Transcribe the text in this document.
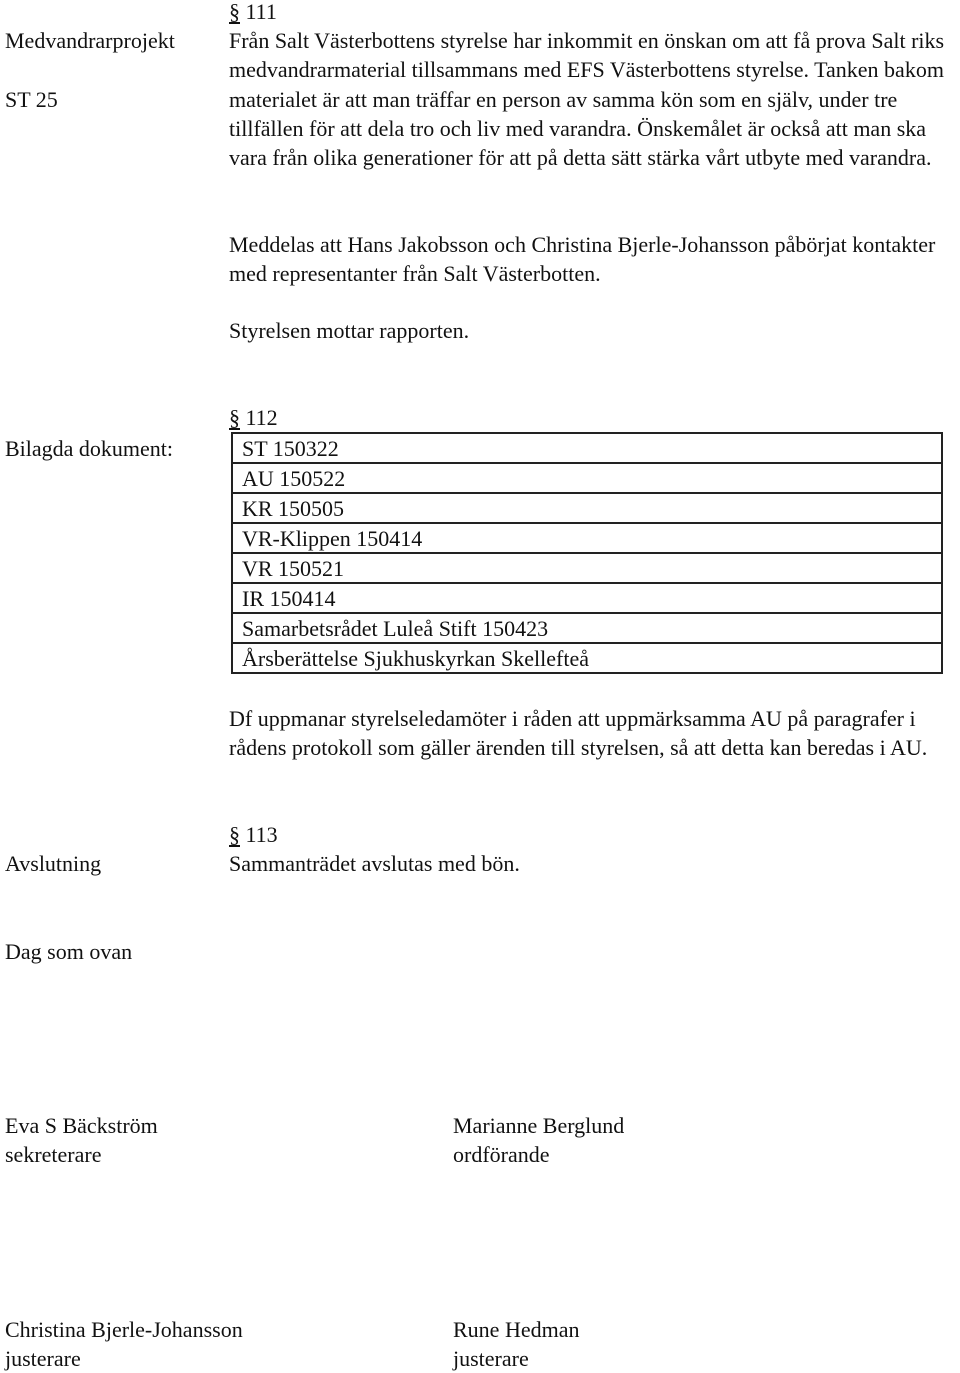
Medvandrarprojekt
ST 25
§ 111
Från Salt Västerbottens styrelse har inkommit en önskan om att få prova Salt riks medvandrarmaterial tillsammans med EFS Västerbottens styrelse. Tanken bakom materialet är att man träffar en person av samma kön som en själv, under tre tillfällen för att dela tro och liv med varandra. Önskemålet är också att man ska vara från olika generationer för att på detta sätt stärka vårt utbyte med varandra.
Meddelas att Hans Jakobsson och Christina Bjerle-Johansson påbörjat kontakter med representanter från Salt Västerbotten.
Styrelsen mottar rapporten.
§ 112
Bilagda dokument:	ST 150322
AU 150522
KR 150505
VR-Klippen 150414
VR 150521
IR 150414
Samarbetsrådet Luleå Stift 150423
Årsberättelse Sjukhuskyrkan Skellefteå
Df uppmanar styrelseledamöter i råden att uppmärksamma AU på paragrafer i rådens protokoll som gäller ärenden till styrelsen, så att detta kan beredas i AU.
§ 113
Avslutning	Sammanträdet avslutas med bön.
Dag som ovan
Eva S Bäckström
sekreterare
Marianne Berglund
ordförande
Christina Bjerle-Johansson
justerare
Rune Hedman
justerare
